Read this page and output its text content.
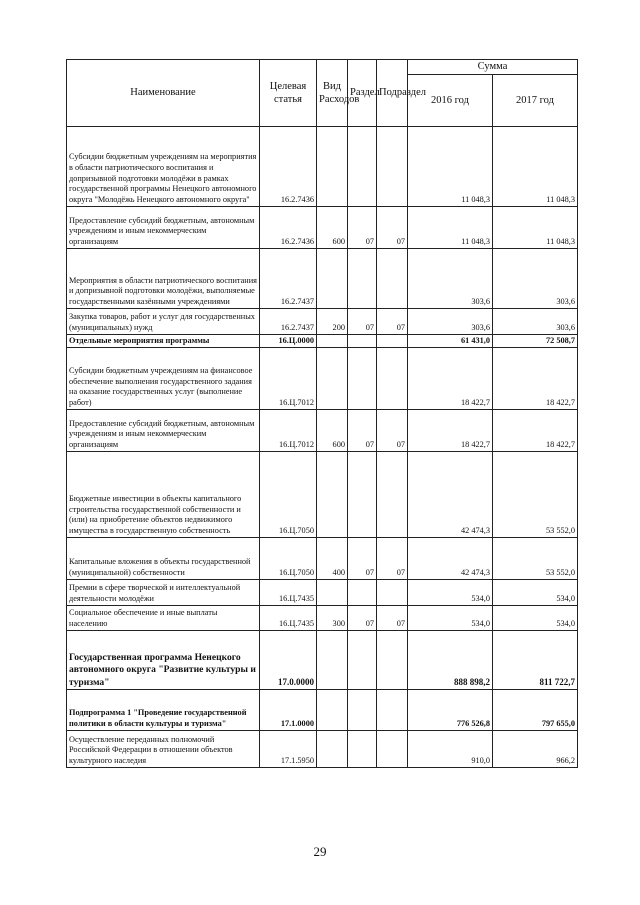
Наименование	Целевая статья	Вид Расходов	Раздел	Подраздел	Сумма	
					2016 год	2017 год
Субсидии бюджетным учреждениям на мероприятия в области патриотического воспитания и допризывной подготовки молодёжи в рамках государственной программы Ненецкого автономного округа "Молодёжь Ненецкого автономного округа"	16.2.7436				11 048,3	11 048,3
Предоставление субсидий бюджетным, автономным учреждениям и иным некоммерческим организациям	16.2.7436	600	07	07	11 048,3	11 048,3
Мероприятия в области патриотического воспитания и допризывной подготовки молодёжи, выполняемые государственными казёнными учреждениями	16.2.7437				303,6	303,6
Закупка товаров, работ и услуг для государственных (муниципальных) нужд	16.2.7437	200	07	07	303,6	303,6
Отдельные мероприятия программы	16.Ц.0000				61 431,0	72 508,7
Субсидии бюджетным учреждениям на финансовое обеспечение выполнения государственного задания на оказание государственных услуг (выполнение работ)	16.Ц.7012				18 422,7	18 422,7
Предоставление субсидий бюджетным, автономным учреждениям и иным некоммерческим организациям	16.Ц.7012	600	07	07	18 422,7	18 422,7
Бюджетные инвестиции в объекты капитального строительства государственной собственности и (или) на приобретение объектов недвижимого имущества в государственную собственность	16.Ц.7050				42 474,3	53 552,0
Капитальные вложения в объекты государственной (муниципальной) собственности	16.Ц.7050	400	07	07	42 474,3	53 552,0
Премии в сфере творческой и интеллектуальной деятельности молодёжи	16.Ц.7435				534,0	534,0
Социальное обеспечение и иные выплаты населению	16.Ц.7435	300	07	07	534,0	534,0
Государственная программа Ненецкого автономного округа "Развитие культуры и туризма"	17.0.0000				888 898,2	811 722,7
Подпрограмма 1 "Проведение государственной политики в области культуры и туризма"	17.1.0000				776 526,8	797 655,0
Осуществление переданных полномочий Российской Федерации в отношении объектов культурного наследия	17.1.5950				910,0	966,2
29
